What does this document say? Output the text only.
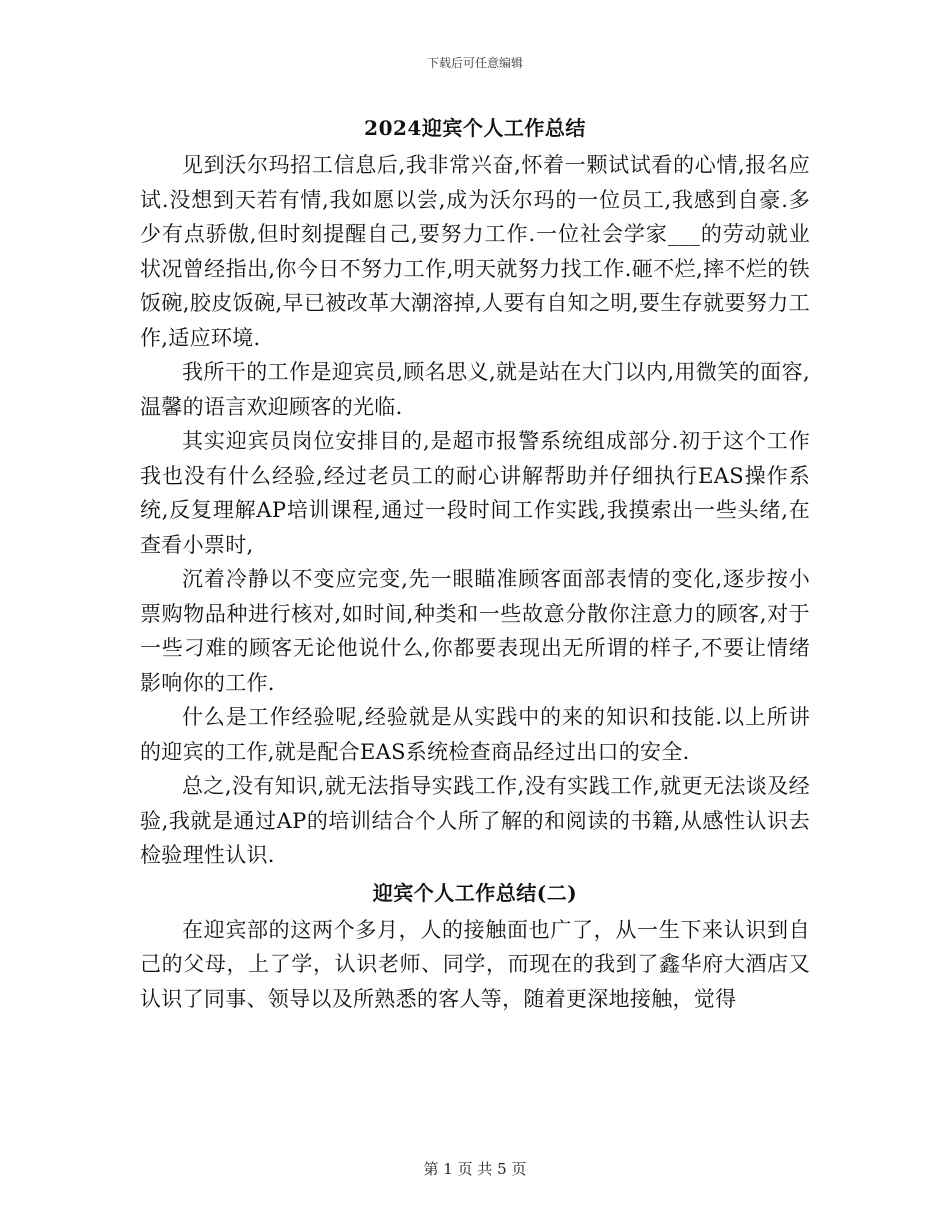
下载后可任意编辑
2024迎宾个人工作总结

见到沃尔玛招工信息后,我非常兴奋,怀着一颗试试看的心情,报名应试.没想到天若有情,我如愿以尝,成为沃尔玛的一位员工,我感到自豪.多少有点骄傲,但时刻提醒自己,要努力工作.一位社会学家___的劳动就业状况曾经指出,你今日不努力工作,明天就努力找工作.砸不烂,摔不烂的铁饭碗,胶皮饭碗,早已被改革大潮溶掉,人要有自知之明,要生存就要努力工作,适应环境.

我所干的工作是迎宾员,顾名思义,就是站在大门以内,用微笑的面容,温馨的语言欢迎顾客的光临.

其实迎宾员岗位安排目的,是超市报警系统组成部分.初于这个工作我也没有什么经验,经过老员工的耐心讲解帮助并仔细执行EAS操作系统,反复理解AP培训课程,通过一段时间工作实践,我摸索出一些头绪,在查看小票时,

沉着冷静以不变应完变,先一眼瞄准顾客面部表情的变化,逐步按小票购物品种进行核对,如时间,种类和一些故意分散你注意力的顾客,对于一些刁难的顾客无论他说什么,你都要表现出无所谓的样子,不要让情绪影响你的工作.

什么是工作经验呢,经验就是从实践中的来的知识和技能.以上所讲的迎宾的工作,就是配合EAS系统检查商品经过出口的安全.

总之,没有知识,就无法指导实践工作,没有实践工作,就更无法谈及经验,我就是通过AP的培训结合个人所了解的和阅读的书籍,从感性认识去检验理性认识.

迎宾个人工作总结(二)

在迎宾部的这两个多月，人的接触面也广了，从一生下来认识到自己的父母，上了学，认识老师、同学，而现在的我到了鑫华府大酒店又认识了同事、领导以及所熟悉的客人等，随着更深地接触，觉得

第 1 页 共 5 页
